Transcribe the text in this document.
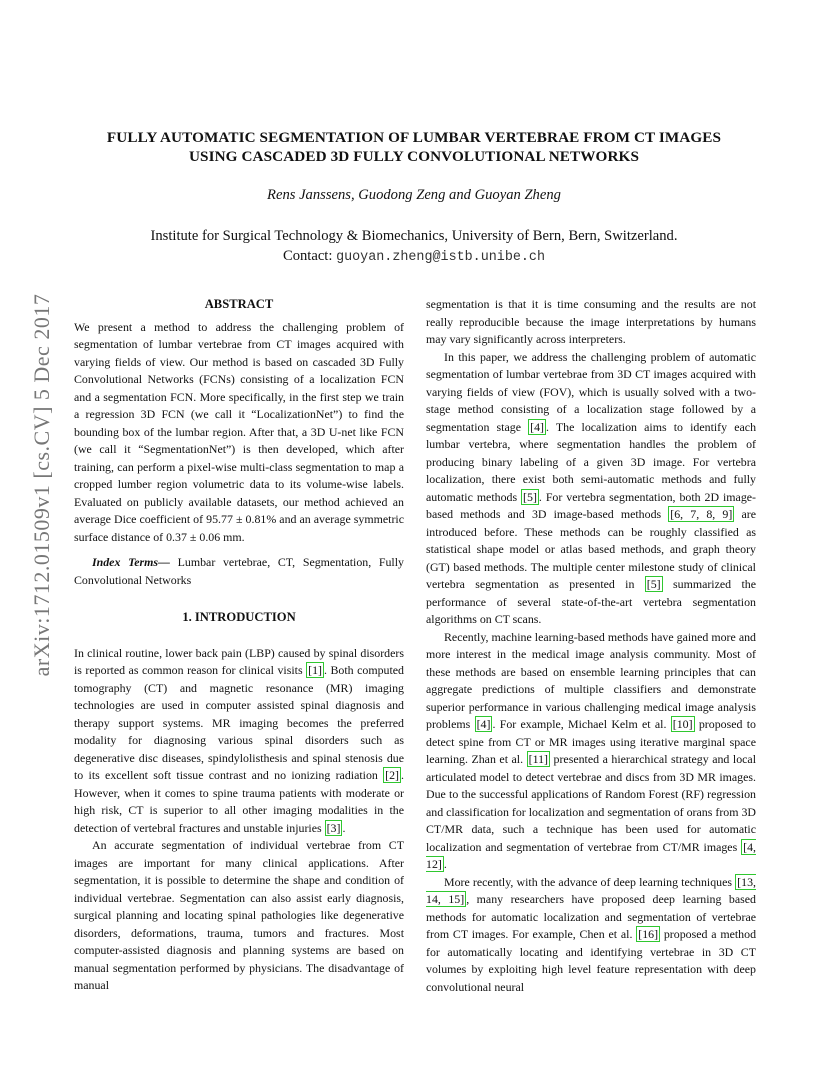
arXiv:1712.01509v1 [cs.CV] 5 Dec 2017
FULLY AUTOMATIC SEGMENTATION OF LUMBAR VERTEBRAE FROM CT IMAGES
USING CASCADED 3D FULLY CONVOLUTIONAL NETWORKS
Rens Janssens, Guodong Zeng and Guoyan Zheng
Institute for Surgical Technology & Biomechanics, University of Bern, Bern, Switzerland.
Contact: guoyan.zheng@istb.unibe.ch
ABSTRACT

We present a method to address the challenging problem of segmentation of lumbar vertebrae from CT images acquired with varying fields of view. Our method is based on cascaded 3D Fully Convolutional Networks (FCNs) consisting of a localization FCN and a segmentation FCN. More specifically, in the first step we train a regression 3D FCN (we call it “LocalizationNet”) to find the bounding box of the lumbar region. After that, a 3D U-net like FCN (we call it “SegmentationNet”) is then developed, which after training, can perform a pixel-wise multi-class segmentation to map a cropped lumber region volumetric data to its volume-wise labels. Evaluated on publicly available datasets, our method achieved an average Dice coefficient of 95.77 ± 0.81% and an average symmetric surface distance of 0.37 ± 0.06 mm.

Index Terms— Lumbar vertebrae, CT, Segmentation, Fully Convolutional Networks

1. INTRODUCTION

In clinical routine, lower back pain (LBP) caused by spinal disorders is reported as common reason for clinical visits [1] . Both computed tomography (CT) and magnetic resonance (MR) imaging technologies are used in computer assisted spinal diagnosis and therapy support systems. MR imaging becomes the preferred modality for diagnosing various spinal disorders such as degenerative disc diseases, spindylolisthesis and spinal stenosis due to its excellent soft tissue contrast and no ionizing radiation [2] . However, when it comes to spine trauma patients with moderate or high risk, CT is superior to all other imaging modalities in the detection of vertebral fractures and unstable injuries [3] .

An accurate segmentation of individual vertebrae from CT images are important for many clinical applications. After segmentation, it is possible to determine the shape and condition of individual vertebrae. Segmentation can also assist early diagnosis, surgical planning and locating spinal pathologies like degenerative disorders, deformations, trauma, tumors and fractures. Most computer-assisted diagnosis and planning systems are based on manual segmentation performed by physicians. The disadvantage of manual

segmentation is that it is time consuming and the results are not really reproducible because the image interpretations by humans may vary significantly across interpreters.

In this paper, we address the challenging problem of automatic segmentation of lumbar vertebrae from 3D CT images acquired with varying fields of view (FOV), which is usually solved with a two-stage method consisting of a localization stage followed by a segmentation stage [4] . The localization aims to identify each lumbar vertebra, where segmentation handles the problem of producing binary labeling of a given 3D image. For vertebra localization, there exist both semi-automatic methods and fully automatic methods [5] . For vertebra segmentation, both 2D image-based methods and 3D image-based methods [6, 7, 8, 9] are introduced before. These methods can be roughly classified as statistical shape model or atlas based methods, and graph theory (GT) based methods. The multiple center milestone study of clinical vertebra segmentation as presented in [5] summarized the performance of several state-of-the-art vertebra segmentation algorithms on CT scans.

Recently, machine learning-based methods have gained more and more interest in the medical image analysis community. Most of these methods are based on ensemble learning principles that can aggregate predictions of multiple classifiers and demonstrate superior performance in various challenging medical image analysis problems [4] . For example, Michael Kelm et al. [10] proposed to detect spine from CT or MR images using iterative marginal space learning. Zhan et al. [11] presented a hierarchical strategy and local articulated model to detect vertebrae and discs from 3D MR images. Due to the successful applications of Random Forest (RF) regression and classification for localization and segmentation of orans from 3D CT/MR data, such a technique has been used for automatic localization and segmentation of vertebrae from CT/MR images [4, 12] .

More recently, with the advance of deep learning techniques [13, 14, 15] , many researchers have proposed deep learning based methods for automatic localization and segmentation of vertebrae from CT images. For example, Chen et al. [16] proposed a method for automatically locating and identifying vertebrae in 3D CT volumes by exploiting high level feature representation with deep convolutional neural
